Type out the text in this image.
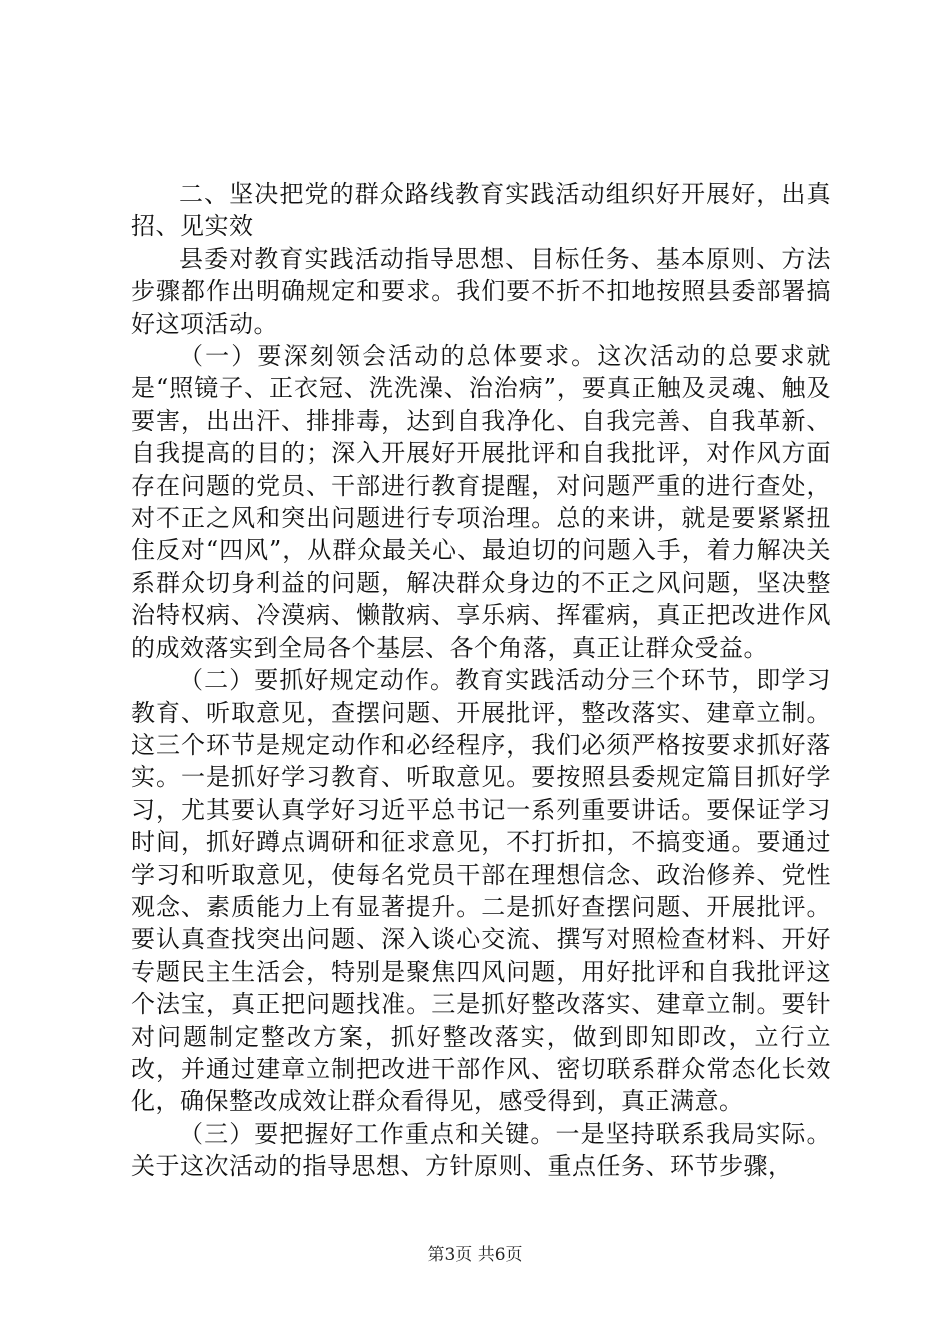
二、坚决把党的群众路线教育实践活动组织好开展好，出真招、见实效

县委对教育实践活动指导思想、目标任务、基本原则、方法步骤都作出明确规定和要求。我们要不折不扣地按照县委部署搞好这项活动。

（一）要深刻领会活动的总体要求。这次活动的总要求就是“照镜子、正衣冠、洗洗澡、治治病”，要真正触及灵魂、触及要害，出出汗、排排毒，达到自我净化、自我完善、自我革新、自我提高的目的；深入开展好开展批评和自我批评，对作风方面存在问题的党员、干部进行教育提醒，对问题严重的进行查处，对不正之风和突出问题进行专项治理。总的来讲，就是要紧紧扭住反对“四风”，从群众最关心、最迫切的问题入手，着力解决关系群众切身利益的问题，解决群众身边的不正之风问题，坚决整治特权病、冷漠病、懒散病、享乐病、挥霍病，真正把改进作风的成效落实到全局各个基层、各个角落，真正让群众受益。

（二）要抓好规定动作。教育实践活动分三个环节，即学习教育、听取意见，查摆问题、开展批评，整改落实、建章立制。这三个环节是规定动作和必经程序，我们必须严格按要求抓好落实。一是抓好学习教育、听取意见。要按照县委规定篇目抓好学习，尤其要认真学好习近平总书记一系列重要讲话。要保证学习时间，抓好蹲点调研和征求意见，不打折扣，不搞变通。要通过学习和听取意见，使每名党员干部在理想信念、政治修养、党性观念、素质能力上有显著提升。二是抓好查摆问题、开展批评。要认真查找突出问题、深入谈心交流、撰写对照检查材料、开好专题民主生活会，特别是聚焦四风问题，用好批评和自我批评这个法宝，真正把问题找准。三是抓好整改落实、建章立制。要针对问题制定整改方案，抓好整改落实，做到即知即改，立行立改，并通过建章立制把改进干部作风、密切联系群众常态化长效化，确保整改成效让群众看得见，感受得到，真正满意。

（三）要把握好工作重点和关键。一是坚持联系我局实际。关于这次活动的指导思想、方针原则、重点任务、环节步骤，

第3页 共6页
